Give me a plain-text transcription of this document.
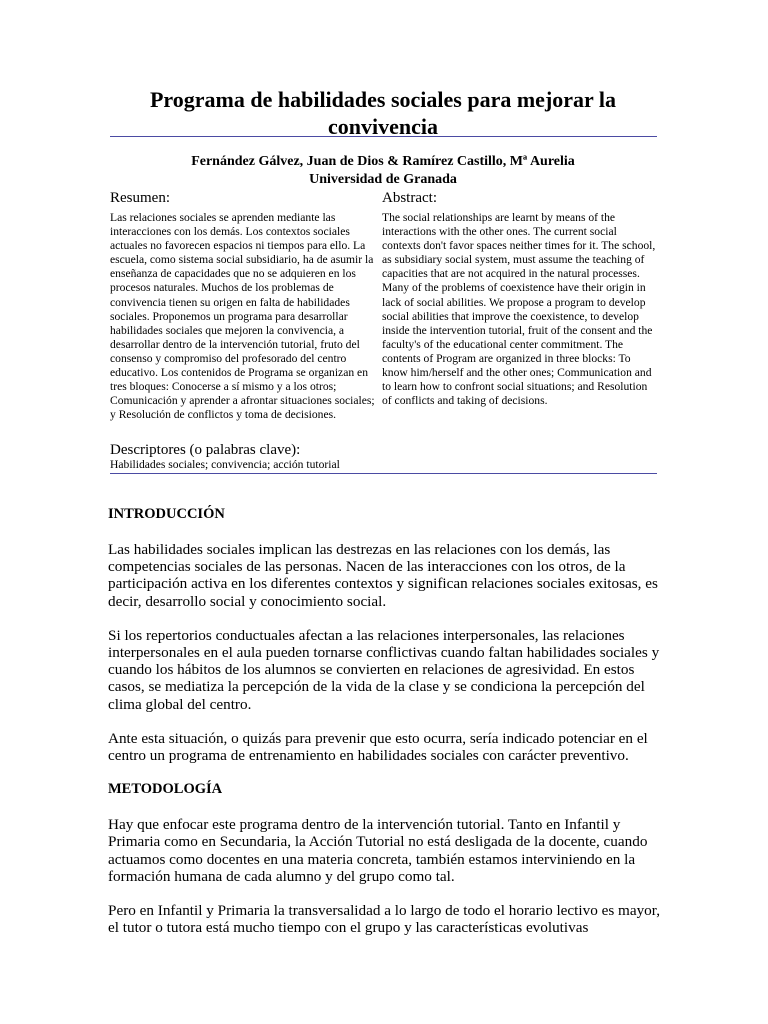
Programa de habilidades sociales para mejorar la convivencia
Fernández Gálvez, Juan de Dios & Ramírez Castillo, Mª Aurelia
Universidad de Granada
Resumen:

Las relaciones sociales se aprenden mediante las interacciones con los demás. Los contextos sociales actuales no favorecen espacios ni tiempos para ello. La escuela, como sistema social subsidiario, ha de asumir la enseñanza de capacidades que no se adquieren en los procesos naturales. Muchos de los problemas de convivencia tienen su origen en falta de habilidades sociales. Proponemos un programa para desarrollar habilidades sociales que mejoren la convivencia, a desarrollar dentro de la intervención tutorial, fruto del consenso y compromiso del profesorado del centro educativo. Los contenidos de Programa se organizan en tres bloques: Conocerse a sí mismo y a los otros; Comunicación y aprender a afrontar situaciones sociales; y Resolución de conflictos y toma de decisiones.

Abstract:

The social relationships are learnt by means of the interactions with the other ones. The current social contexts don't favor spaces neither times for it. The school, as subsidiary social system, must assume the teaching of capacities that are not acquired in the natural processes. Many of the problems of coexistence have their origin in lack of social abilities. We propose a program to develop social abilities that improve the coexistence, to develop inside the intervention tutorial, fruit of the consent and the faculty's of the educational center commitment. The contents of Program are organized in three blocks: To know him/herself and the other ones; Communication and to learn how to confront social situations; and Resolution of conflicts and taking of decisions.

Descriptores (o palabras clave):
Habilidades sociales; convivencia; acción tutorial
INTRODUCCIÓN

Las habilidades sociales implican las destrezas en las relaciones con los demás, las competencias sociales de las personas. Nacen de las interacciones con los otros, de la participación activa en los diferentes contextos y significan relaciones sociales exitosas, es decir, desarrollo social y conocimiento social.

Si los repertorios conductuales afectan a las relaciones interpersonales, las relaciones interpersonales en el aula pueden tornarse conflictivas cuando faltan habilidades sociales y cuando los hábitos de los alumnos se convierten en relaciones de agresividad. En estos casos, se mediatiza la percepción de la vida de la clase y se condiciona la percepción del clima global del centro.

Ante esta situación, o quizás para prevenir que esto ocurra, sería indicado potenciar en el centro un programa de entrenamiento en habilidades sociales con carácter preventivo.

METODOLOGÍA

Hay que enfocar este programa dentro de la intervención tutorial. Tanto en Infantil y Primaria como en Secundaria, la Acción Tutorial no está desligada de la docente, cuando actuamos como docentes en una materia concreta, también estamos interviniendo en la formación humana de cada alumno y del grupo como tal.

Pero en Infantil y Primaria la transversalidad a lo largo de todo el horario lectivo es mayor, el tutor o tutora está mucho tiempo con el grupo y las características evolutivas
